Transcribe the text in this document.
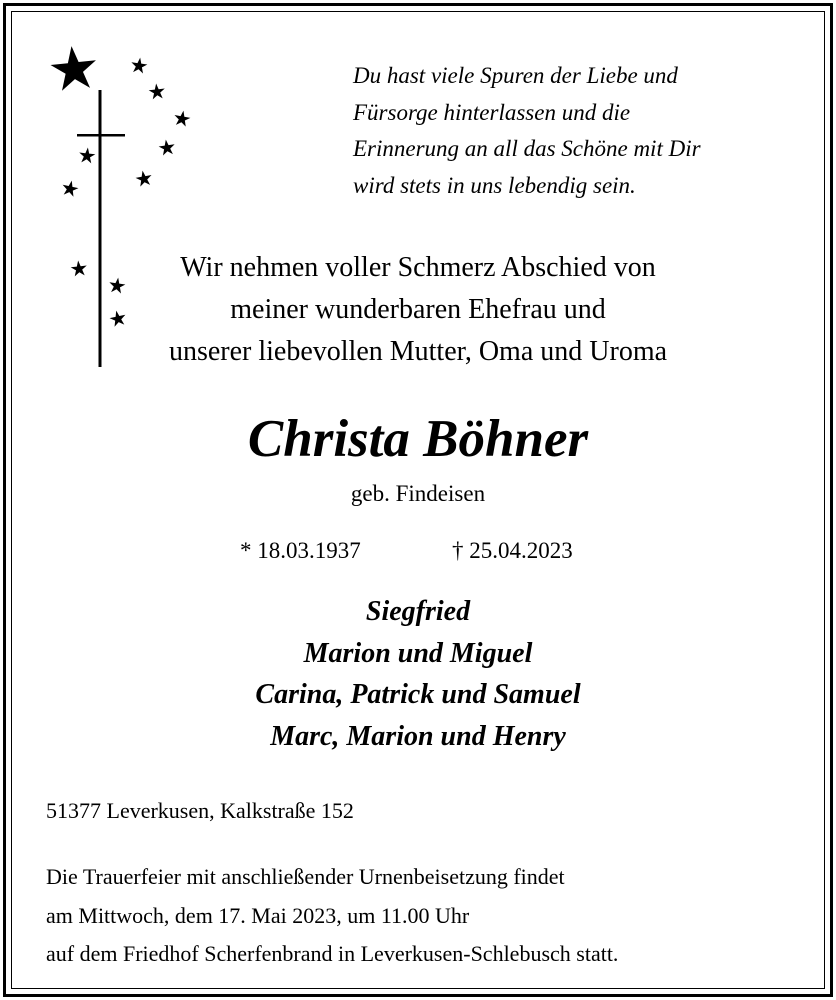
Du hast viele Spuren der Liebe und
Fürsorge hinterlassen und die
Erinnerung an all das Schöne mit Dir
wird stets in uns lebendig sein.
Wir nehmen voller Schmerz Abschied von
meiner wunderbaren Ehefrau und
unserer liebevollen Mutter, Oma und Uroma
Christa Böhner
geb. Findeisen
* 18.03.1937	† 25.04.2023
Siegfried
Marion und Miguel
Carina, Patrick und Samuel
Marc, Marion und Henry
51377 Leverkusen, Kalkstraße 152
Die Trauerfeier mit anschließender Urnenbeisetzung findet
am Mittwoch, dem 17. Mai 2023, um 11.00 Uhr
auf dem Friedhof Scherfenbrand in Leverkusen-Schlebusch statt.
